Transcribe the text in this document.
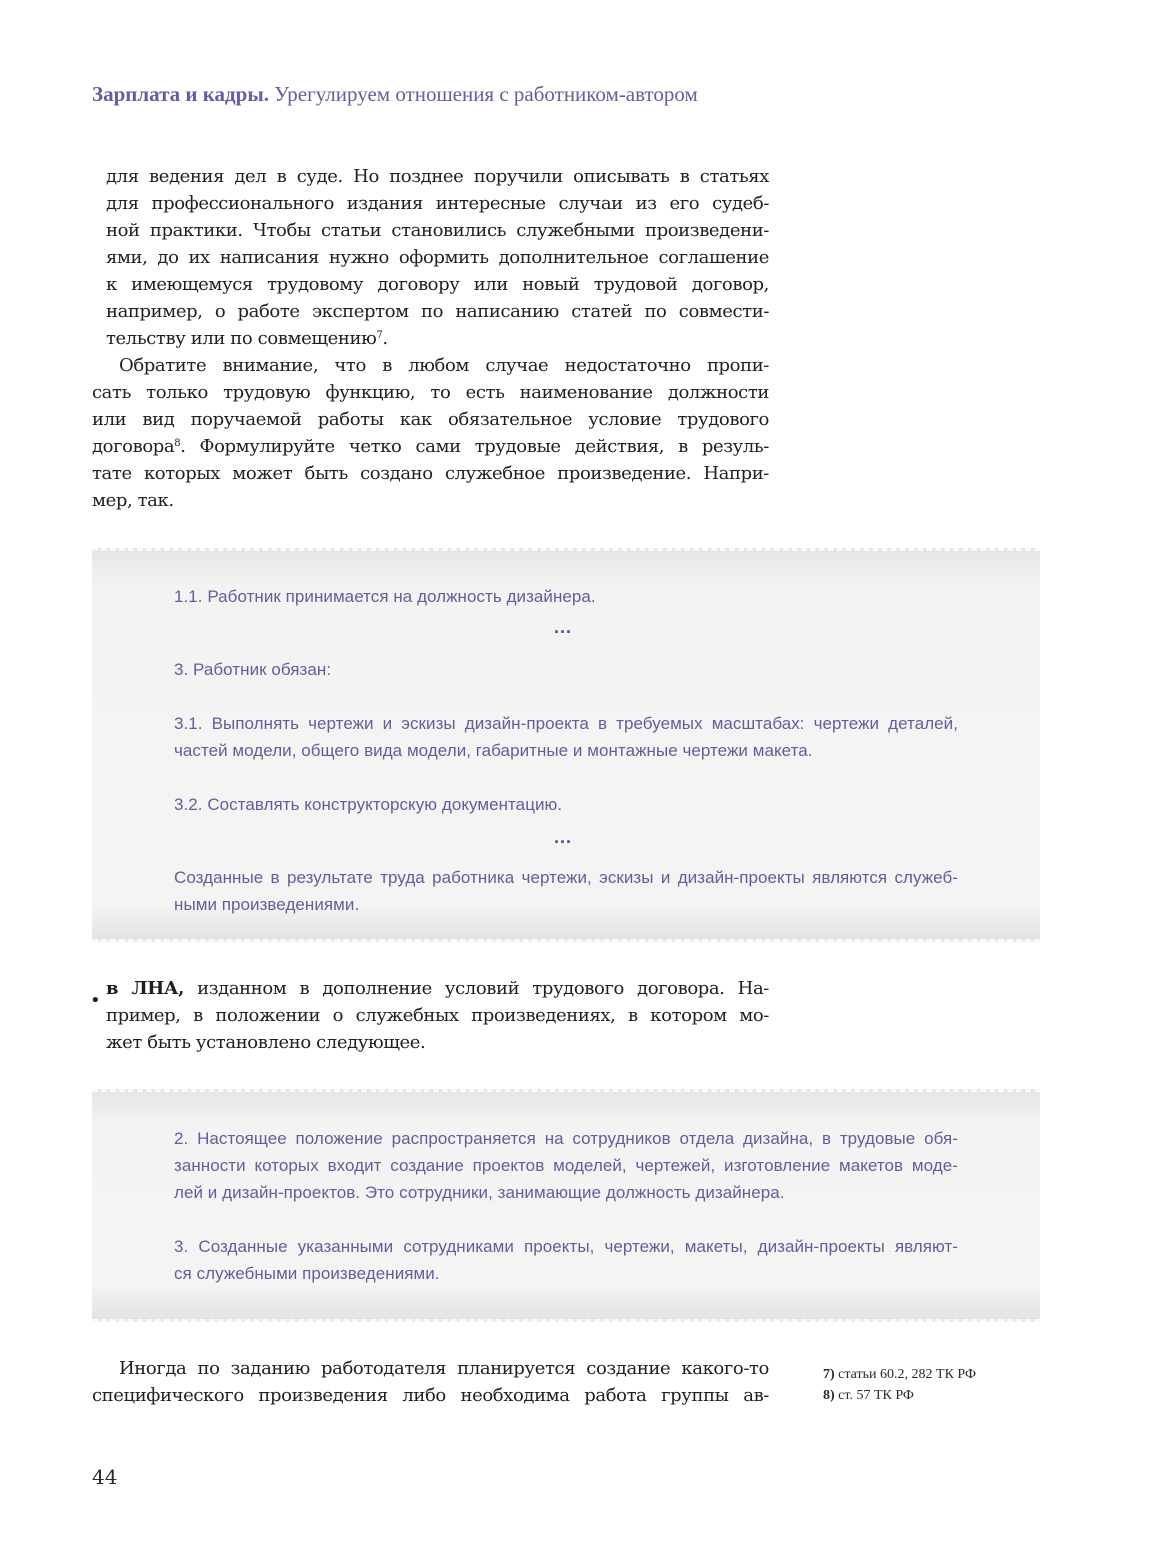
Зарплата и кадры. Урегулируем отношения с работником-автором
для ведения дел в суде. Но позднее поручили описывать в статьях
для профессионального издания интересные случаи из его судеб-
ной практики. Чтобы статьи становились служебными произведени-
ями, до их написания нужно оформить дополнительное соглашение
к имеющемуся трудовому договору или новый трудовой договор,
например, о работе экспертом по написанию статей по совмести-
тельству или по совмещению$^7$.
Обратите внимание, что в любом случае недостаточно пропи-
сать только трудовую функцию, то есть наименование должности
или вид поручаемой работы как обязательное условие трудового
договора$^8$. Формулируйте четко сами трудовые действия, в резуль-
тате которых может быть создано служебное произведение. Напри-
мер, так.
1.1. Работник принимается на должность дизайнера.
...
3. Работник обязан:
3.1. Выполнять чертежи и эскизы дизайн-проекта в требуемых масштабах: чертежи деталей,
частей модели, общего вида модели, габаритные и монтажные чертежи макета.
3.2. Составлять конструкторскую документацию.
...
Созданные в результате труда работника чертежи, эскизы и дизайн-проекты являются служеб-
ными произведениями.
•
в ЛНА, изданном в дополнение условий трудового договора. На-
пример, в положении о служебных произведениях, в котором мо-
жет быть установлено следующее.
2. Настоящее положение распространяется на сотрудников отдела дизайна, в трудовые обя-
занности которых входит создание проектов моделей, чертежей, изготовление макетов моде-
лей и дизайн-проектов. Это сотрудники, занимающие должность дизайнера.
3. Созданные указанными сотрудниками проекты, чертежи, макеты, дизайн-проекты являют-
ся служебными произведениями.
Иногда по заданию работодателя планируется создание какого-то
специфического произведения либо необходима работа группы ав-
7) статьи 60.2, 282 ТК РФ
8) ст. 57 ТК РФ
44
